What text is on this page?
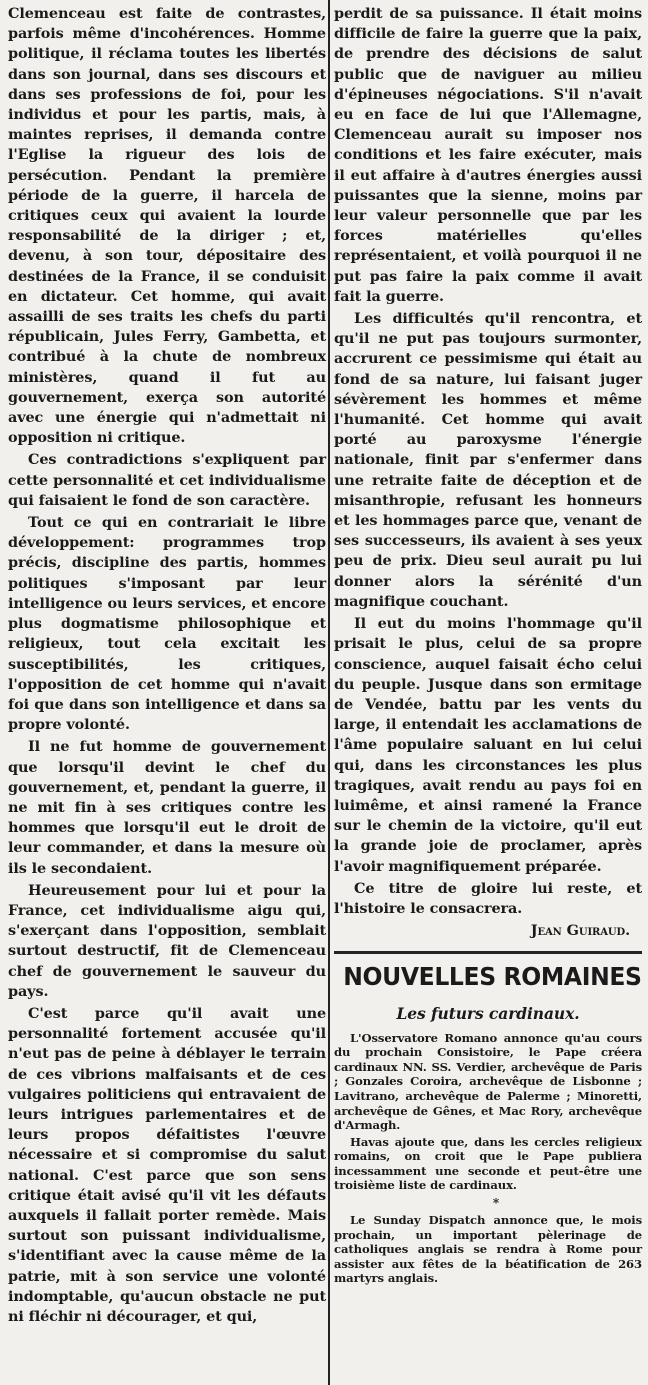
Clemenceau est faite de contrastes, parfois même d'incohérences. Homme politique, il réclama toutes les libertés dans son journal, dans ses discours et dans ses professions de foi, pour les individus et pour les partis, mais, à maintes reprises, il demanda contre l'Eglise la rigueur des lois de persécution. Pendant la première période de la guerre, il harcela de critiques ceux qui avaient la lourde responsabilité de la diriger ; et, devenu, à son tour, dépositaire des destinées de la France, il se conduisit en dictateur. Cet homme, qui avait assailli de ses traits les chefs du parti républicain, Jules Ferry, Gambetta, et contribué à la chute de nombreux ministères, quand il fut au gouvernement, exerça son autorité avec une énergie qui n'admettait ni opposition ni critique.

Ces contradictions s'expliquent par cette personnalité et cet individualisme qui faisaient le fond de son caractère.

Tout ce qui en contrariait le libre développement: programmes trop précis, discipline des partis, hommes politiques s'imposant par leur intelligence ou leurs services, et encore plus dogmatisme philosophique et religieux, tout cela excitait les susceptibilités, les critiques, l'opposition de cet homme qui n'avait foi que dans son intelligence et dans sa propre volonté.

Il ne fut homme de gouvernement que lorsqu'il devint le chef du gouvernement, et, pendant la guerre, il ne mit fin à ses critiques contre les hommes que lorsqu'il eut le droit de leur commander, et dans la mesure où ils le secondaient.

Heureusement pour lui et pour la France, cet individualisme aigu qui, s'exerçant dans l'opposition, semblait surtout destructif, fit de Clemenceau chef de gouvernement le sauveur du pays.

C'est parce qu'il avait une personnalité fortement accusée qu'il n'eut pas de peine à déblayer le terrain de ces vibrions malfaisants et de ces vulgaires politiciens qui entravaient de leurs intrigues parlementaires et de leurs propos défaitistes l'œuvre nécessaire et si compromise du salut national. C'est parce que son sens critique était avisé qu'il vit les défauts auxquels il fallait porter remède. Mais surtout son puissant individualisme, s'identifiant avec la cause même de la patrie, mit à son service une volonté indomptable, qu'aucun obstacle ne put ni fléchir ni décourager, et qui,

perdit de sa puissance. Il était moins difficile de faire la guerre que la paix, de prendre des décisions de salut public que de naviguer au milieu d'épineuses négociations. S'il n'avait eu en face de lui que l'Allemagne, Clemenceau aurait su imposer nos conditions et les faire exécuter, mais il eut affaire à d'autres énergies aussi puissantes que la sienne, moins par leur valeur personnelle que par les forces matérielles qu'elles représentaient, et voilà pourquoi il ne put pas faire la paix comme il avait fait la guerre.

Les difficultés qu'il rencontra, et qu'il ne put pas toujours surmonter, accrurent ce pessimisme qui était au fond de sa nature, lui faisant juger sévèrement les hommes et même l'humanité. Cet homme qui avait porté au paroxysme l'énergie nationale, finit par s'enfermer dans une retraite faite de déception et de misanthropie, refusant les honneurs et les hommages parce que, venant de ses successeurs, ils avaient à ses yeux peu de prix. Dieu seul aurait pu lui donner alors la sérénité d'un magnifique couchant.

Il eut du moins l'hommage qu'il prisait le plus, celui de sa propre conscience, auquel faisait écho celui du peuple. Jusque dans son ermitage de Vendée, battu par les vents du large, il entendait les acclamations de l'âme populaire saluant en lui celui qui, dans les circonstances les plus tragiques, avait rendu au pays foi en luimême, et ainsi ramené la France sur le chemin de la victoire, qu'il eut la grande joie de proclamer, après l'avoir magnifiquement préparée.

Ce titre de gloire lui reste, et l'histoire le consacrera.

Jean Guiraud.

NOUVELLES ROMAINES

Les futurs cardinaux.

L'Osservatore Romano annonce qu'au cours du prochain Consistoire, le Pape créera cardinaux NN. SS. Verdier, archevêque de Paris ; Gonzales Coroira, archevêque de Lisbonne ; Lavitrano, archevêque de Palerme ; Minoretti, archevêque de Gênes, et Mac Rory, archevêque d'Armagh.

Havas ajoute que, dans les cercles religieux romains, on croit que le Pape publiera incessamment une seconde et peut-être une troisième liste de cardinaux.

*

Le Sunday Dispatch annonce que, le mois prochain, un important pèlerinage de catholiques anglais se rendra à Rome pour assister aux fêtes de la béatification de 263 martyrs anglais.
